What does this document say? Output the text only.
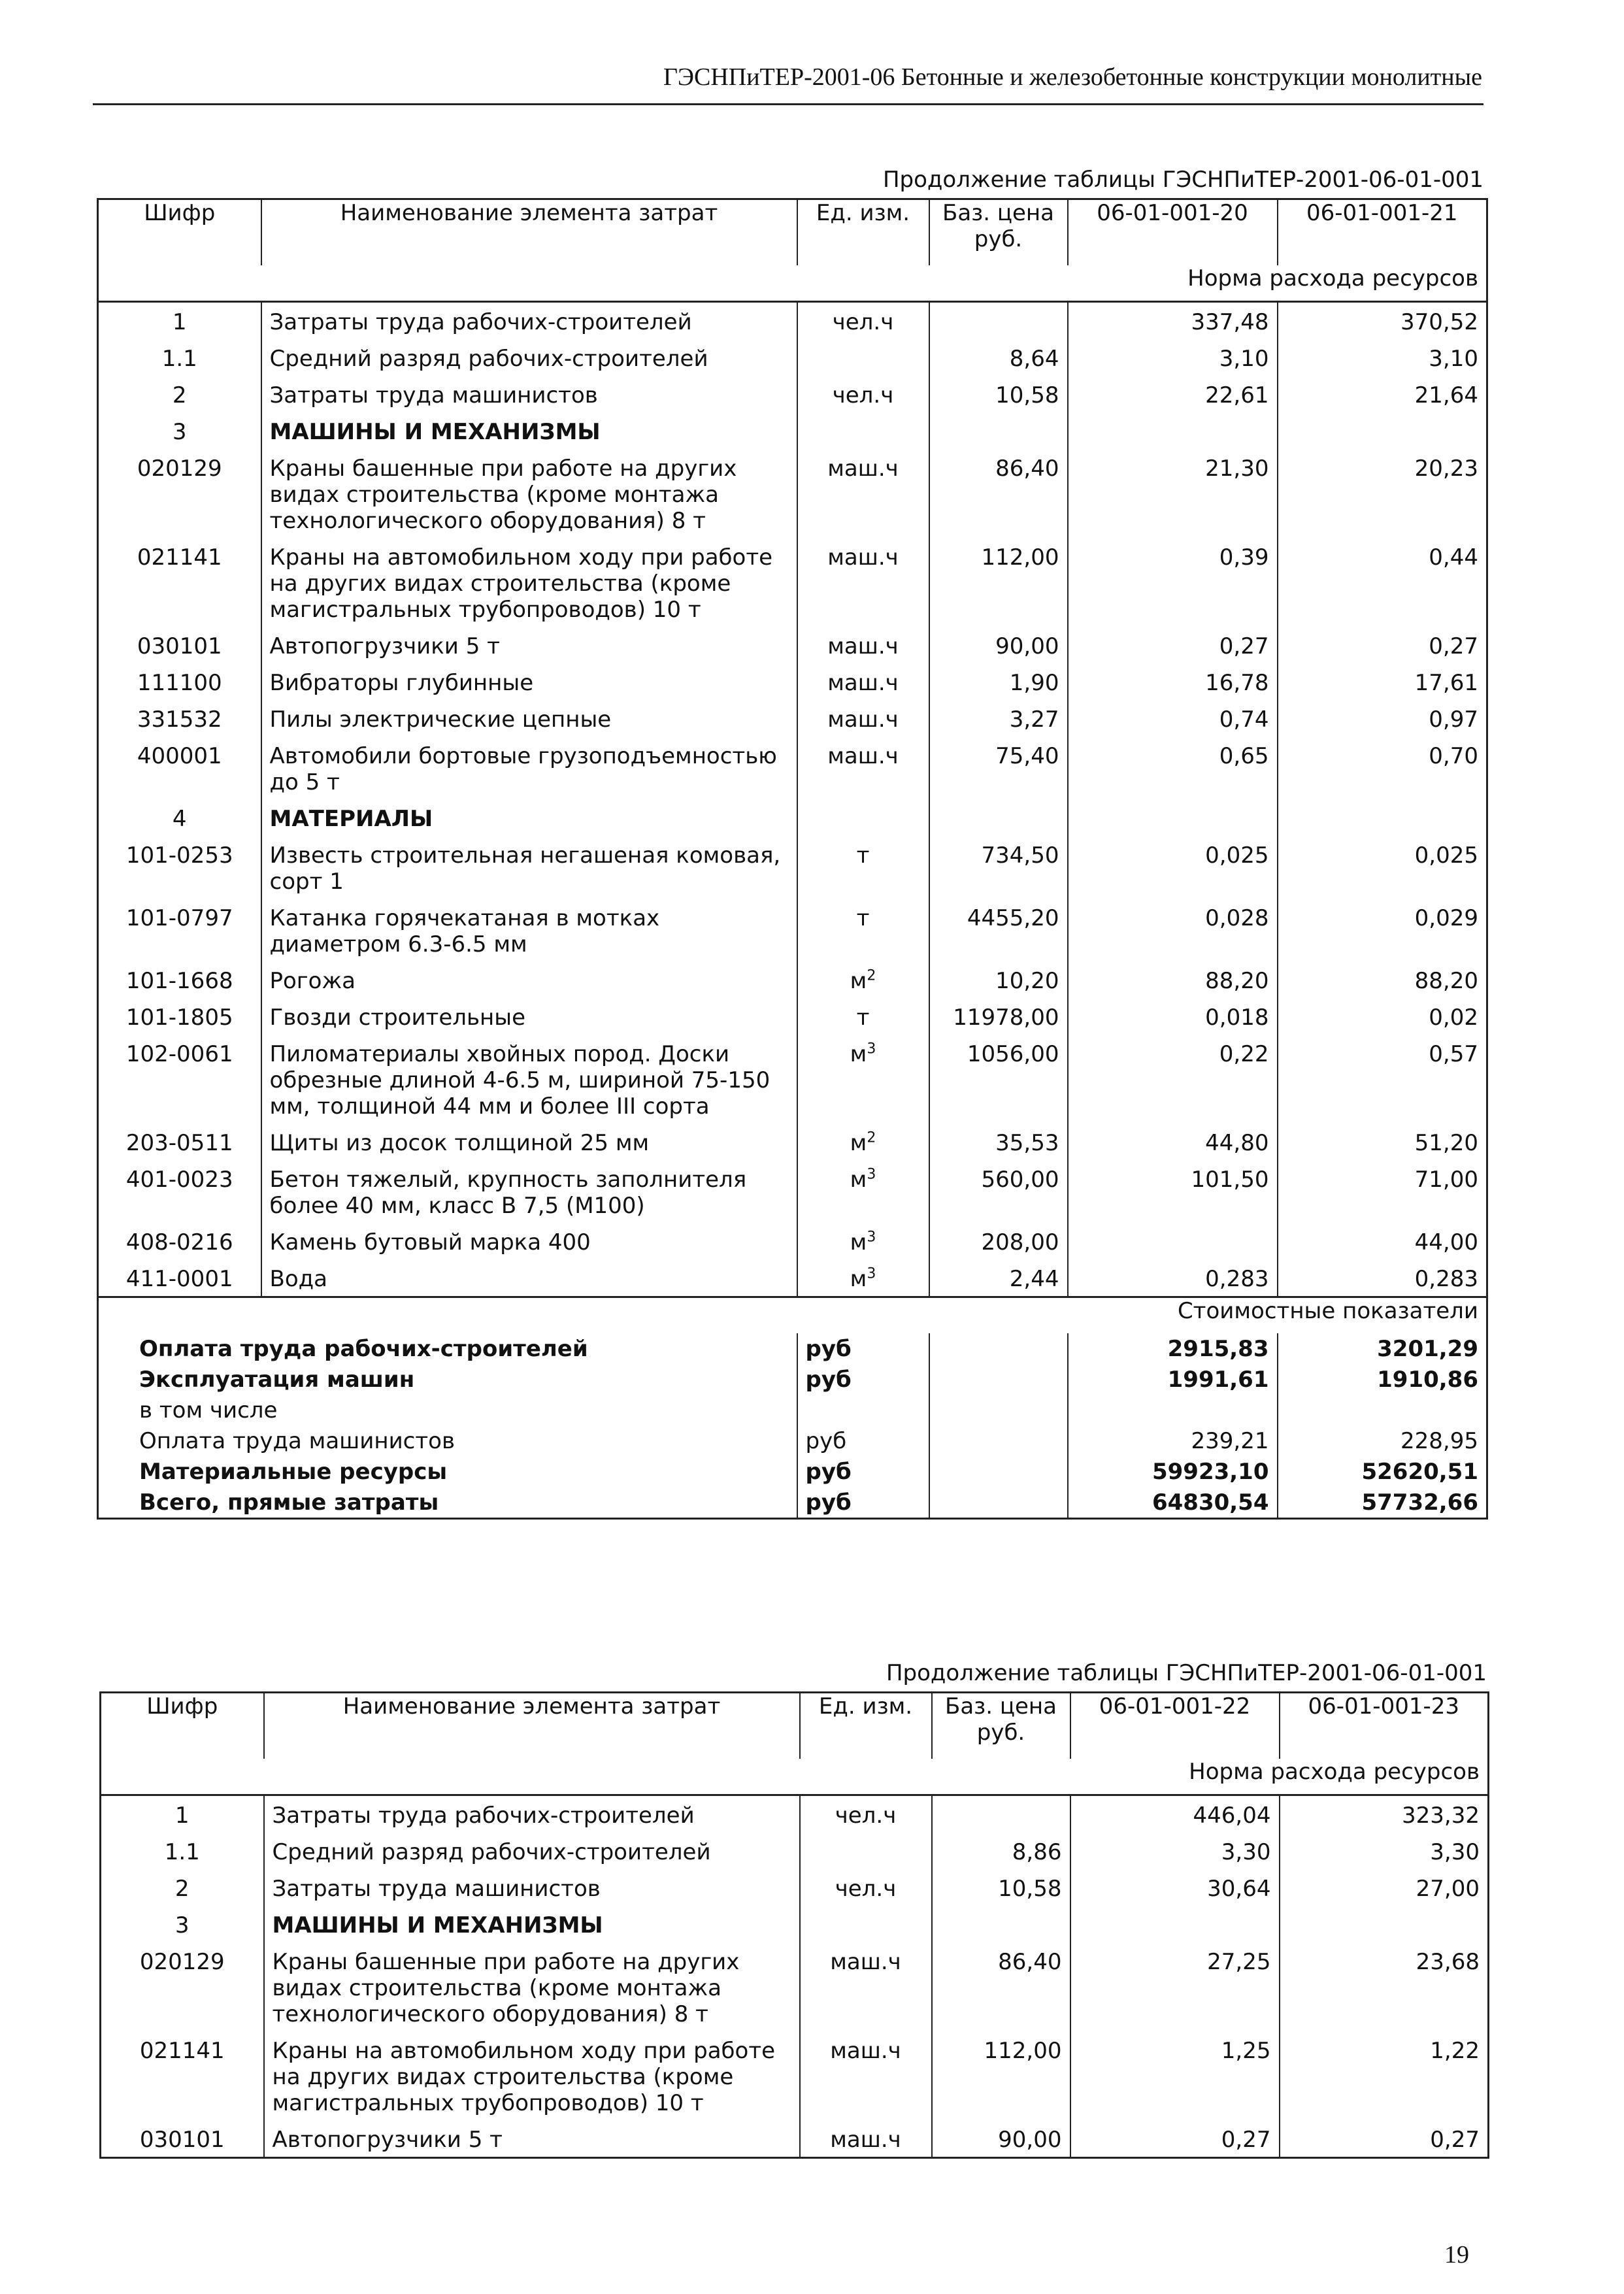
ГЭСНПиТЕР-2001-06 Бетонные и железобетонные конструкции монолитные
Продолжение таблицы ГЭСНПиТЕР-2001-06-01-001
Шифр	Наименование элемента затрат	Ед. изм.	Баз. цена руб.	06-01-001-20	06-01-001-21
Норма расхода ресурсов					
1	Затраты труда рабочих-строителей	чел.ч		337,48	370,52
1.1	Средний разряд рабочих-строителей		8,64	3,10	3,10
2	Затраты труда машинистов	чел.ч	10,58	22,61	21,64
3	МАШИНЫ И МЕХАНИЗМЫ				
020129	Краны башенные при работе на других видах строительства (кроме монтажа технологического оборудования) 8 т	маш.ч	86,40	21,30	20,23
021141	Краны на автомобильном ходу при работе на других видах строительства (кроме магистральных трубопроводов) 10 т	маш.ч	112,00	0,39	0,44
030101	Автопогрузчики 5 т	маш.ч	90,00	0,27	0,27
111100	Вибраторы глубинные	маш.ч	1,90	16,78	17,61
331532	Пилы электрические цепные	маш.ч	3,27	0,74	0,97
400001	Автомобили бортовые грузоподъемностью до 5 т	маш.ч	75,40	0,65	0,70
4	МАТЕРИАЛЫ				
101-0253	Известь строительная негашеная комовая, сорт 1	т	734,50	0,025	0,025
101-0797	Катанка горячекатаная в мотках диаметром 6.3-6.5 мм	т	4455,20	0,028	0,029
101-1668	Рогожа	$м^2$	10,20	88,20	88,20
101-1805	Гвозди строительные	т	11978,00	0,018	0,02
102-0061	Пиломатериалы хвойных пород. Доски обрезные длиной 4-6.5 м, шириной 75-150 мм, толщиной 44 мм и более III сорта	$м^3$	1056,00	0,22	0,57
203-0511	Щиты из досок толщиной 25 мм	$м^2$	35,53	44,80	51,20
401-0023	Бетон тяжелый, крупность заполнителя более 40 мм, класс В 7,5 (М100)	$м^3$	560,00	101,50	71,00
408-0216	Камень бутовый марка 400	$м^3$	208,00		44,00
411-0001	Вода	$м^3$	2,44	0,283	0,283
Стоимостные показатели					
Оплата труда рабочих-строителей		руб		2915,83	3201,29
Эксплуатация машин		руб		1991,61	1910,86
в том числе					
Оплата труда машинистов		руб		239,21	228,95
Материальные ресурсы		руб		59923,10	52620,51
Всего, прямые затраты		руб		64830,54	57732,66
Продолжение таблицы ГЭСНПиТЕР-2001-06-01-001
Шифр	Наименование элемента затрат	Ед. изм.	Баз. цена руб.	06-01-001-22	06-01-001-23
Норма расхода ресурсов					
1	Затраты труда рабочих-строителей	чел.ч		446,04	323,32
1.1	Средний разряд рабочих-строителей		8,86	3,30	3,30
2	Затраты труда машинистов	чел.ч	10,58	30,64	27,00
3	МАШИНЫ И МЕХАНИЗМЫ				
020129	Краны башенные при работе на других видах строительства (кроме монтажа технологического оборудования) 8 т	маш.ч	86,40	27,25	23,68
021141	Краны на автомобильном ходу при работе на других видах строительства (кроме магистральных трубопроводов) 10 т	маш.ч	112,00	1,25	1,22
030101	Автопогрузчики 5 т	маш.ч	90,00	0,27	0,27
19
